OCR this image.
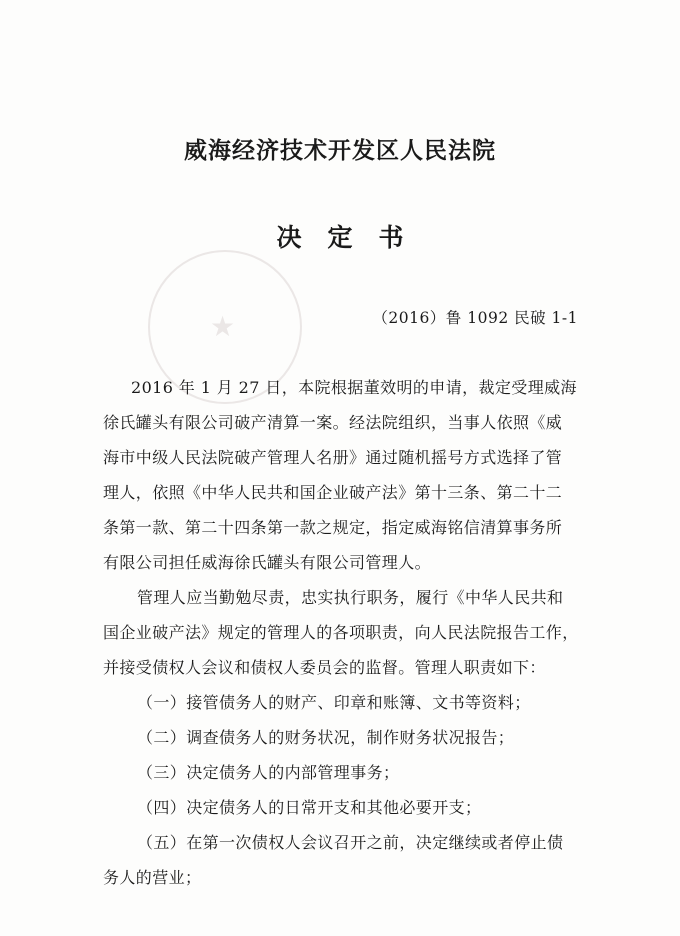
★
威海经济技术开发区人民法院
决定书
（2016）鲁 1092 民破 1-1
2016 年 1 月 27 日，本院根据董效明的申请，裁定受理威海
徐氏罐头有限公司破产清算一案。经法院组织，当事人依照《威
海市中级人民法院破产管理人名册》通过随机摇号方式选择了管
理人，依照《中华人民共和国企业破产法》第十三条、第二十二
条第一款、第二十四条第一款之规定，指定威海铭信清算事务所
有限公司担任威海徐氏罐头有限公司管理人。
管理人应当勤勉尽责，忠实执行职务，履行《中华人民共和
国企业破产法》规定的管理人的各项职责，向人民法院报告工作，
并接受债权人会议和债权人委员会的监督。管理人职责如下：
（一）接管债务人的财产、印章和账簿、文书等资料；
（二）调查债务人的财务状况，制作财务状况报告；
（三）决定债务人的内部管理事务；
（四）决定债务人的日常开支和其他必要开支；
（五）在第一次债权人会议召开之前，决定继续或者停止债
务人的营业；
